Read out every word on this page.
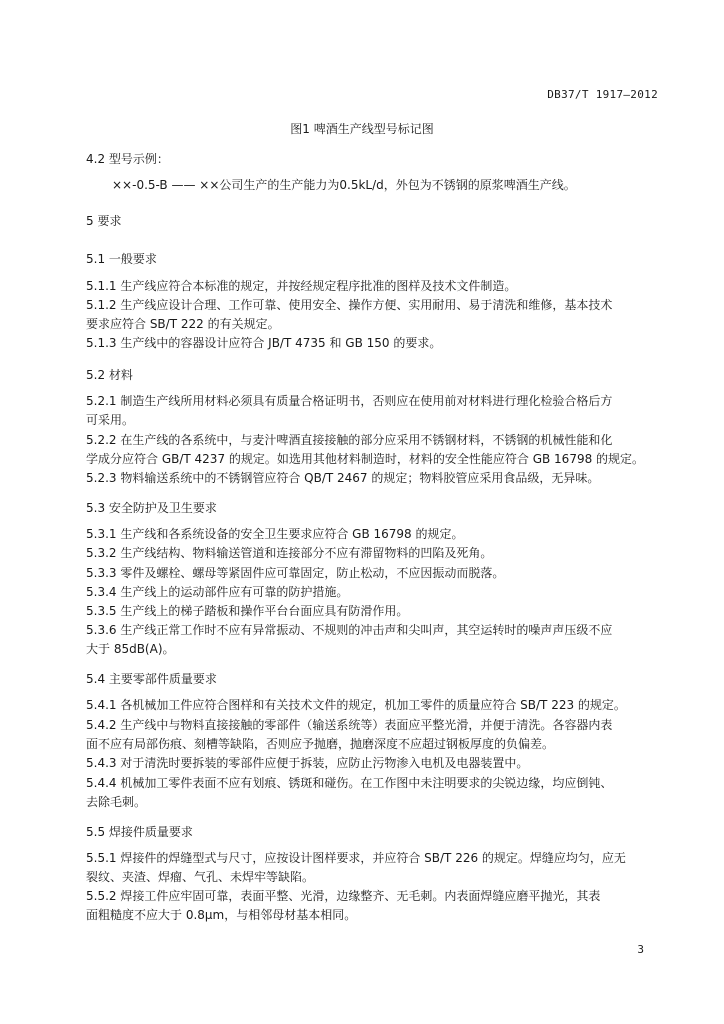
DB37/T 1917—2012
图1 啤酒生产线型号标记图
4.2 型号示例：
××-0.5-B —— ××公司生产的生产能力为0.5kL/d，外包为不锈钢的原浆啤酒生产线。
5 要求
5.1 一般要求
5.1.1 生产线应符合本标准的规定，并按经规定程序批准的图样及技术文件制造。
5.1.2 生产线应设计合理、工作可靠、使用安全、操作方便、实用耐用、易于清洗和维修，基本技术
要求应符合 SB/T 222 的有关规定。
5.1.3 生产线中的容器设计应符合 JB/T 4735 和 GB 150 的要求。
5.2 材料
5.2.1 制造生产线所用材料必须具有质量合格证明书，否则应在使用前对材料进行理化检验合格后方
可采用。
5.2.2 在生产线的各系统中，与麦汁啤酒直接接触的部分应采用不锈钢材料，不锈钢的机械性能和化
学成分应符合 GB/T 4237 的规定。如选用其他材料制造时，材料的安全性能应符合 GB 16798 的规定。
5.2.3 物料输送系统中的不锈钢管应符合 QB/T 2467 的规定；物料胶管应采用食品级，无异味。
5.3 安全防护及卫生要求
5.3.1 生产线和各系统设备的安全卫生要求应符合 GB 16798 的规定。
5.3.2 生产线结构、物料输送管道和连接部分不应有滞留物料的凹陷及死角。
5.3.3 零件及螺栓、螺母等紧固件应可靠固定，防止松动，不应因振动而脱落。
5.3.4 生产线上的运动部件应有可靠的防护措施。
5.3.5 生产线上的梯子踏板和操作平台台面应具有防滑作用。
5.3.6 生产线正常工作时不应有异常振动、不规则的冲击声和尖叫声，其空运转时的噪声声压级不应
大于 85dB(A)。
5.4 主要零部件质量要求
5.4.1 各机械加工件应符合图样和有关技术文件的规定，机加工零件的质量应符合 SB/T 223 的规定。
5.4.2 生产线中与物料直接接触的零部件（输送系统等）表面应平整光滑，并便于清洗。各容器内表
面不应有局部伤痕、刻槽等缺陷，否则应予抛磨，抛磨深度不应超过钢板厚度的负偏差。
5.4.3 对于清洗时要拆装的零部件应便于拆装，应防止污物渗入电机及电器装置中。
5.4.4 机械加工零件表面不应有划痕、锈斑和碰伤。在工作图中未注明要求的尖锐边缘，均应倒钝、
去除毛刺。
5.5 焊接件质量要求
5.5.1 焊接件的焊缝型式与尺寸，应按设计图样要求，并应符合 SB/T 226 的规定。焊缝应均匀，应无
裂纹、夹渣、焊瘤、气孔、未焊牢等缺陷。
5.5.2 焊接工件应牢固可靠，表面平整、光滑，边缘整齐、无毛刺。内表面焊缝应磨平抛光，其表
面粗糙度不应大于 0.8μm，与相邻母材基本相同。
3
